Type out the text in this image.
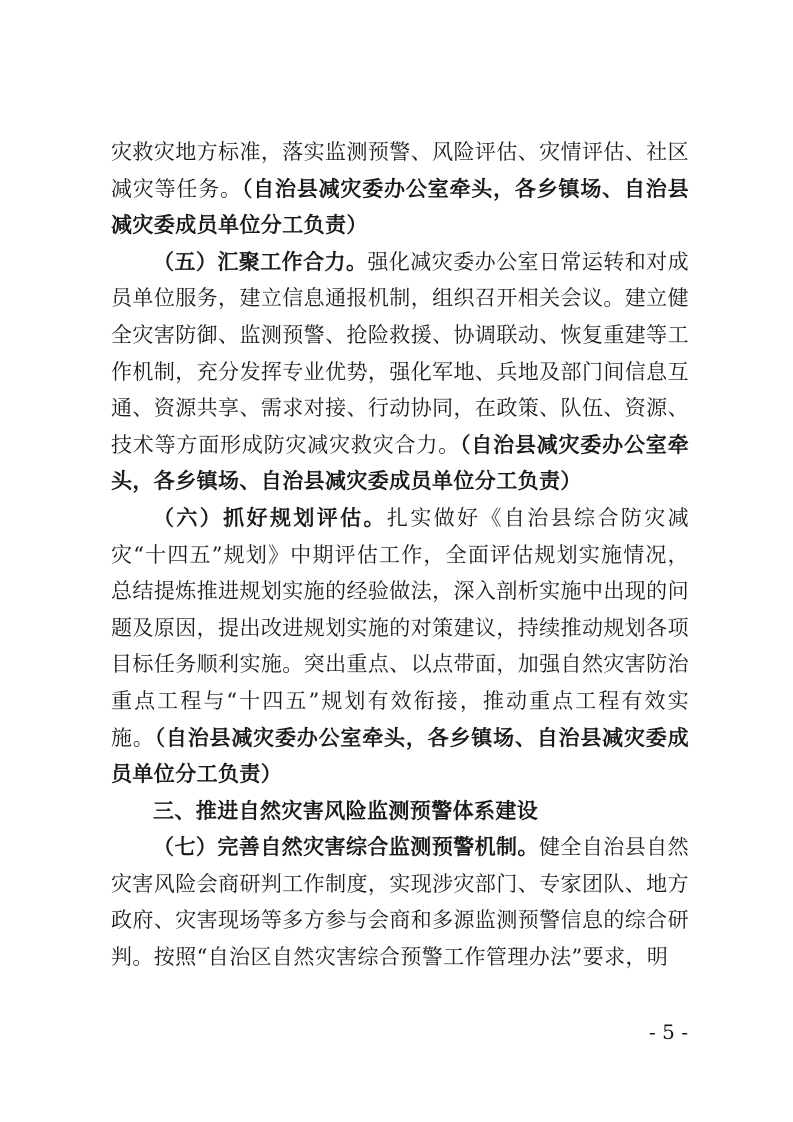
灾救灾地方标准，落实监测预警、风险评估、灾情评估、社区减灾等任务。（自治县减灾委办公室牵头，各乡镇场、自治县减灾委成员单位分工负责）

（五）汇聚工作合力。强化减灾委办公室日常运转和对成员单位服务，建立信息通报机制，组织召开相关会议。建立健全灾害防御、监测预警、抢险救援、协调联动、恢复重建等工作机制，充分发挥专业优势，强化军地、兵地及部门间信息互通、资源共享、需求对接、行动协同，在政策、队伍、资源、技术等方面形成防灾减灾救灾合力。（自治县减灾委办公室牵头，各乡镇场、自治县减灾委成员单位分工负责）

（六）抓好规划评估。扎实做好《自治县综合防灾减灾“十四五”规划》中期评估工作，全面评估规划实施情况，总结提炼推进规划实施的经验做法，深入剖析实施中出现的问题及原因，提出改进规划实施的对策建议，持续推动规划各项目标任务顺利实施。突出重点、以点带面，加强自然灾害防治重点工程与“十四五”规划有效衔接，推动重点工程有效实施。（自治县减灾委办公室牵头，各乡镇场、自治县减灾委成员单位分工负责）

三、推进自然灾害风险监测预警体系建设

（七）完善自然灾害综合监测预警机制。健全自治县自然灾害风险会商研判工作制度，实现涉灾部门、专家团队、地方政府、灾害现场等多方参与会商和多源监测预警信息的综合研判。按照“自治区自然灾害综合预警工作管理办法”要求，明

- 5 -
